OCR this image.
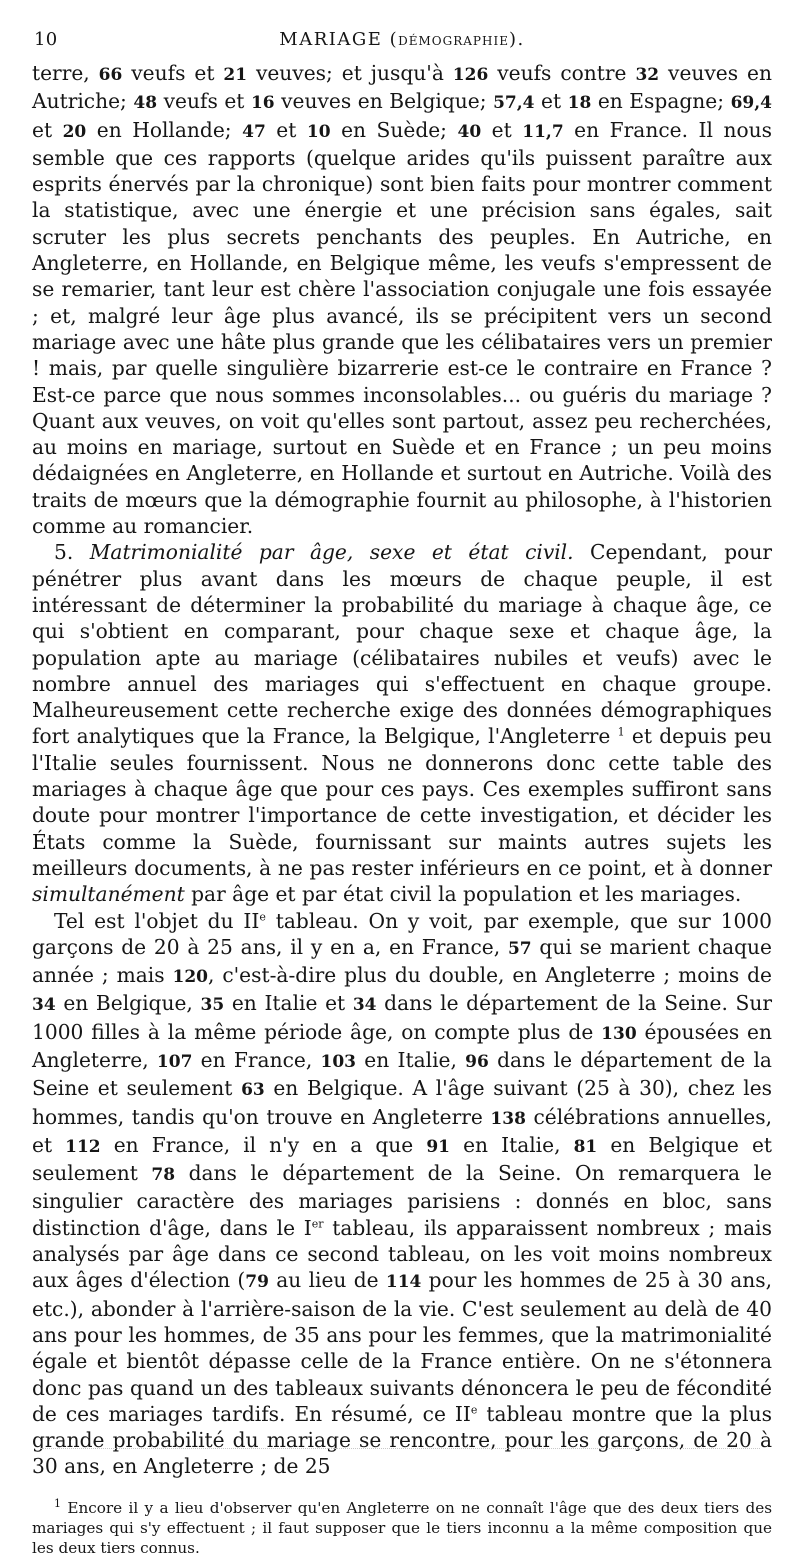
10	MARIAGE (DÉMOGRAPHIE).

terre, 66 veufs et 21 veuves; et jusqu'à 126 veufs contre 32 veuves en Autriche; 48 veufs et 16 veuves en Belgique; 57,4 et 18 en Espagne; 69,4 et 20 en Hollande; 47 et 10 en Suède; 40 et 11,7 en France. Il nous semble que ces rapports (quelque arides qu'ils puissent paraître aux esprits énervés par la chronique) sont bien faits pour montrer comment la statistique, avec une énergie et une précision sans égales, sait scruter les plus secrets penchants des peuples. En Autriche, en Angleterre, en Hollande, en Belgique même, les veufs s'empressent de se remarier, tant leur est chère l'association conjugale une fois essayée ; et, malgré leur âge plus avancé, ils se précipitent vers un second mariage avec une hâte plus grande que les célibataires vers un premier ! mais, par quelle singulière bizarrerie est-ce le contraire en France ? Est-ce parce que nous sommes inconsolables... ou guéris du mariage ? Quant aux veuves, on voit qu'elles sont partout, assez peu recherchées, au moins en mariage, surtout en Suède et en France ; un peu moins dédaignées en Angleterre, en Hollande et surtout en Autriche. Voilà des traits de mœurs que la démographie fournit au philosophe, à l'historien comme au romancier.

5. Matrimonialité par âge, sexe et état civil. Cependant, pour pénétrer plus avant dans les mœurs de chaque peuple, il est intéressant de déterminer la probabilité du mariage à chaque âge, ce qui s'obtient en comparant, pour chaque sexe et chaque âge, la population apte au mariage (célibataires nubiles et veufs) avec le nombre annuel des mariages qui s'effectuent en chaque groupe. Malheureusement cette recherche exige des données démographiques fort analytiques que la France, la Belgique, l'Angleterre $^1$ et depuis peu l'Italie seules fournissent. Nous ne donnerons donc cette table des mariages à chaque âge que pour ces pays. Ces exemples suffiront sans doute pour montrer l'importance de cette investigation, et décider les États comme la Suède, fournissant sur maints autres sujets les meilleurs documents, à ne pas rester inférieurs en ce point, et à donner simultanément par âge et par état civil la population et les mariages.

Tel est l'objet du IIe tableau. On y voit, par exemple, que sur 1000 garçons de 20 à 25 ans, il y en a, en France, 57 qui se marient chaque année ; mais 120, c'est-à-dire plus du double, en Angleterre ; moins de 34 en Belgique, 35 en Italie et 34 dans le département de la Seine. Sur 1000 filles à la même période âge, on compte plus de 130 épousées en Angleterre, 107 en France, 103 en Italie, 96 dans le département de la Seine et seulement 63 en Belgique. A l'âge suivant (25 à 30), chez les hommes, tandis qu'on trouve en Angleterre 138 célébrations annuelles, et 112 en France, il n'y en a que 91 en Italie, 81 en Belgique et seulement 78 dans le département de la Seine. On remarquera le singulier caractère des mariages parisiens : donnés en bloc, sans distinction d'âge, dans le Ier tableau, ils apparaissent nombreux ; mais analysés par âge dans ce second tableau, on les voit moins nombreux aux âges d'élection (79 au lieu de 114 pour les hommes de 25 à 30 ans, etc.), abonder à l'arrière-saison de la vie. C'est seulement au delà de 40 ans pour les hommes, de 35 ans pour les femmes, que la matrimonialité égale et bientôt dépasse celle de la France entière. On ne s'étonnera donc pas quand un des tableaux suivants dénoncera le peu de fécondité de ces mariages tardifs. En résumé, ce IIe tableau montre que la plus grande probabilité du mariage se rencontre, pour les garçons, de 20 à 30 ans, en Angleterre ; de 25

$^1$ Encore il y a lieu d'observer qu'en Angleterre on ne connaît l'âge que des deux tiers des mariages qui s'y effectuent ; il faut supposer que le tiers inconnu a la même composition que les deux tiers connus.
